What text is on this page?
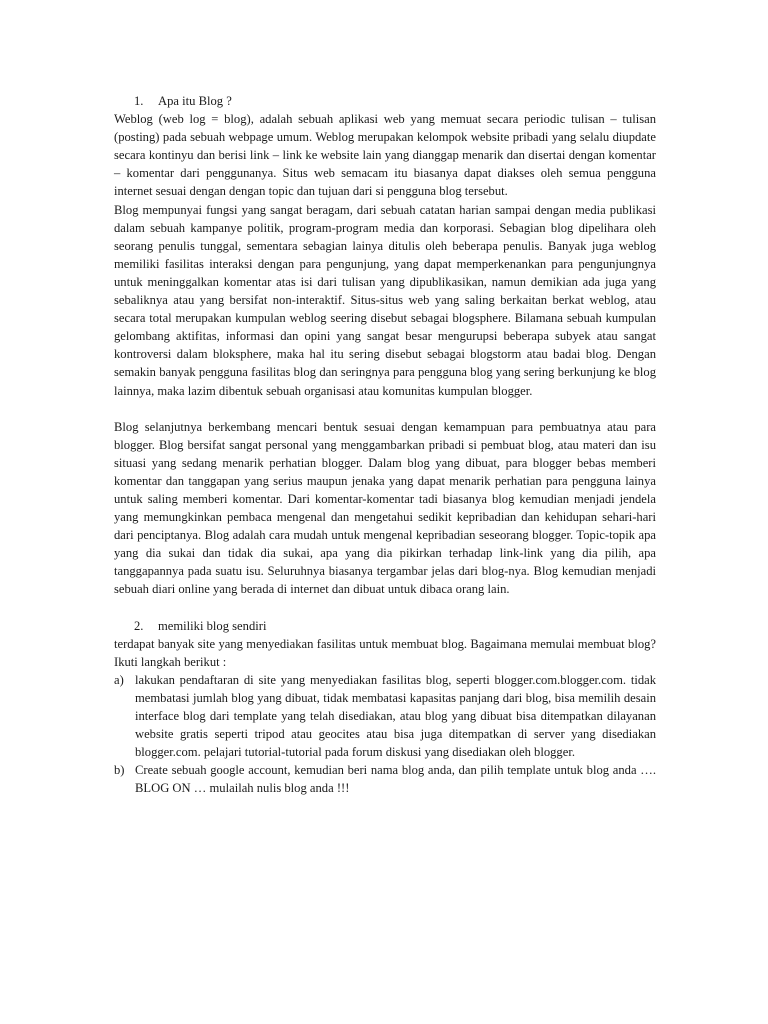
1. Apa itu Blog ?

Weblog (web log = blog), adalah sebuah aplikasi web yang memuat secara periodic tulisan – tulisan (posting) pada sebuah webpage umum. Weblog merupakan kelompok website pribadi yang selalu diupdate secara kontinyu dan berisi link – link ke website lain yang dianggap menarik dan disertai dengan komentar – komentar dari penggunanya. Situs web semacam itu biasanya dapat diakses oleh semua pengguna internet sesuai dengan dengan topic dan tujuan dari si pengguna blog tersebut.

Blog mempunyai fungsi yang sangat beragam, dari sebuah catatan harian sampai dengan media publikasi dalam sebuah kampanye politik, program-program media dan korporasi. Sebagian blog dipelihara oleh seorang penulis tunggal, sementara sebagian lainya ditulis oleh beberapa penulis. Banyak juga weblog memiliki fasilitas interaksi dengan para pengunjung, yang dapat memperkenankan para pengunjungnya untuk meninggalkan komentar atas isi dari tulisan yang dipublikasikan, namun demikian ada juga yang sebaliknya atau yang bersifat non-interaktif. Situs-situs web yang saling berkaitan berkat weblog, atau secara total merupakan kumpulan weblog seering disebut sebagai blogsphere. Bilamana sebuah kumpulan gelombang aktifitas, informasi dan opini yang sangat besar mengurupsi beberapa subyek atau sangat kontroversi dalam bloksphere, maka hal itu sering disebut sebagai blogstorm atau badai blog. Dengan semakin banyak pengguna fasilitas blog dan seringnya para pengguna blog yang sering berkunjung ke blog lainnya, maka lazim dibentuk sebuah organisasi atau komunitas kumpulan blogger.

Blog selanjutnya berkembang mencari bentuk sesuai dengan kemampuan para pembuatnya atau para blogger. Blog bersifat sangat personal yang menggambarkan pribadi si pembuat blog, atau materi dan isu situasi yang sedang menarik perhatian blogger. Dalam blog yang dibuat, para blogger bebas memberi komentar dan tanggapan yang serius maupun jenaka yang dapat menarik perhatian para pengguna lainya untuk saling memberi komentar. Dari komentar-komentar tadi biasanya blog kemudian menjadi jendela yang memungkinkan pembaca mengenal dan mengetahui sedikit kepribadian dan kehidupan sehari-hari dari penciptanya. Blog adalah cara mudah untuk mengenal kepribadian seseorang blogger. Topic-topik apa yang dia sukai dan tidak dia sukai, apa yang dia pikirkan terhadap link-link yang dia pilih, apa tanggapannya pada suatu isu. Seluruhnya biasanya tergambar jelas dari blog-nya. Blog kemudian menjadi sebuah diari online yang berada di internet dan dibuat untuk dibaca orang lain.

2. memiliki blog sendiri

terdapat banyak site yang menyediakan fasilitas untuk membuat blog. Bagaimana memulai membuat blog? Ikuti langkah berikut :

a) lakukan pendaftaran di site yang menyediakan fasilitas blog, seperti blogger.com.blogger.com. tidak membatasi jumlah blog yang dibuat, tidak membatasi kapasitas panjang dari blog, bisa memilih desain interface blog dari template yang telah disediakan, atau blog yang dibuat bisa ditempatkan dilayanan website gratis seperti tripod atau geocites atau bisa juga ditempatkan di server yang disediakan blogger.com. pelajari tutorial-tutorial pada forum diskusi yang disediakan oleh blogger.
b) Create sebuah google account, kemudian beri nama blog anda, dan pilih template untuk blog anda …. BLOG ON … mulailah nulis blog anda !!!
